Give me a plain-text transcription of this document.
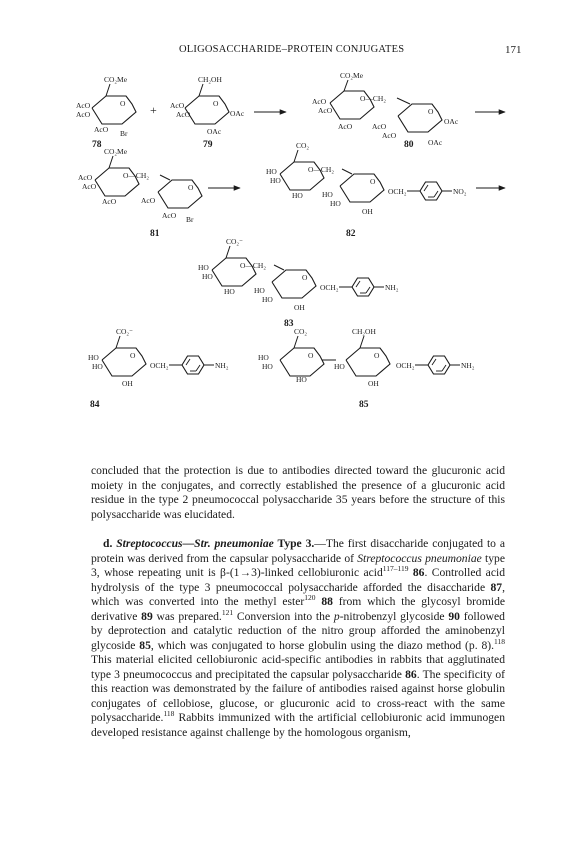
OLIGOSACCHARIDE–PROTEIN CONJUGATES	171
CO₂Me
O
AcO
AcO
AcO Br
78
+
CH₂OH
O
AcO
AcO	OAc
OAc
79
CO₂Me
O—CH₂
AcO
AcO
AcO
O
AcO
AcO
OAc
OAc
80
CO₂Me
O—CH₂
AcO
AcO
AcO
O
AcO
AcO Br
81
CO₂
O—CH₂
HO
HO
HO
O
HO
HO
OCH₂	NO₂
OH
82
CO₂⁻
O—CH₂
HO
HO
HO
O
HO
HO
OCH₂	NH₂
OH
83
CO₂⁻
O
HO
HO	OCH₂	NH₂
OH
84
CO₂
O
HO
HO
HO
CH₂OH
O
HO	OCH₂	NH₂
OH
85

concluded that the protection is due to antibodies directed toward the glucuronic acid moiety in the conjugates, and correctly established the presence of a glucuronic acid residue in the type 2 pneumococcal polysaccharide 35 years before the structure of this polysaccharide was elucidated.

d. Streptococcus—Str. pneumoniae Type 3.—The first disaccharide conjugated to a protein was derived from the capsular polysaccharide of Streptococcus pneumoniae type 3, whose repeating unit is β-(1→3)-linked cellobiuronic acid$^{117-119}$ 86. Controlled acid hydrolysis of the type 3 pneumococcal polysaccharide afforded the disaccharide 87, which was converted into the methyl ester$^{120}$ 88 from which the glycosyl bromide derivative 89 was prepared.$^{121}$ Conversion into the p-nitrobenzyl glycoside 90 followed by deprotection and catalytic reduction of the nitro group afforded the aminobenzyl glycoside 85, which was conjugated to horse globulin using the diazo method (p. 8).$^{118}$ This material elicited cellobiuronic acid-specific antibodies in rabbits that agglutinated type 3 pneumococcus and precipitated the capsular polysaccharide 86. The specificity of this reaction was demonstrated by the failure of antibodies raised against horse globulin conjugates of cellobiose, glucose, or glucuronic acid to cross-react with the same polysaccharide.$^{118}$ Rabbits immunized with the artificial cellobiuronic acid immunogen developed resistance against challenge by the homologous organism,
